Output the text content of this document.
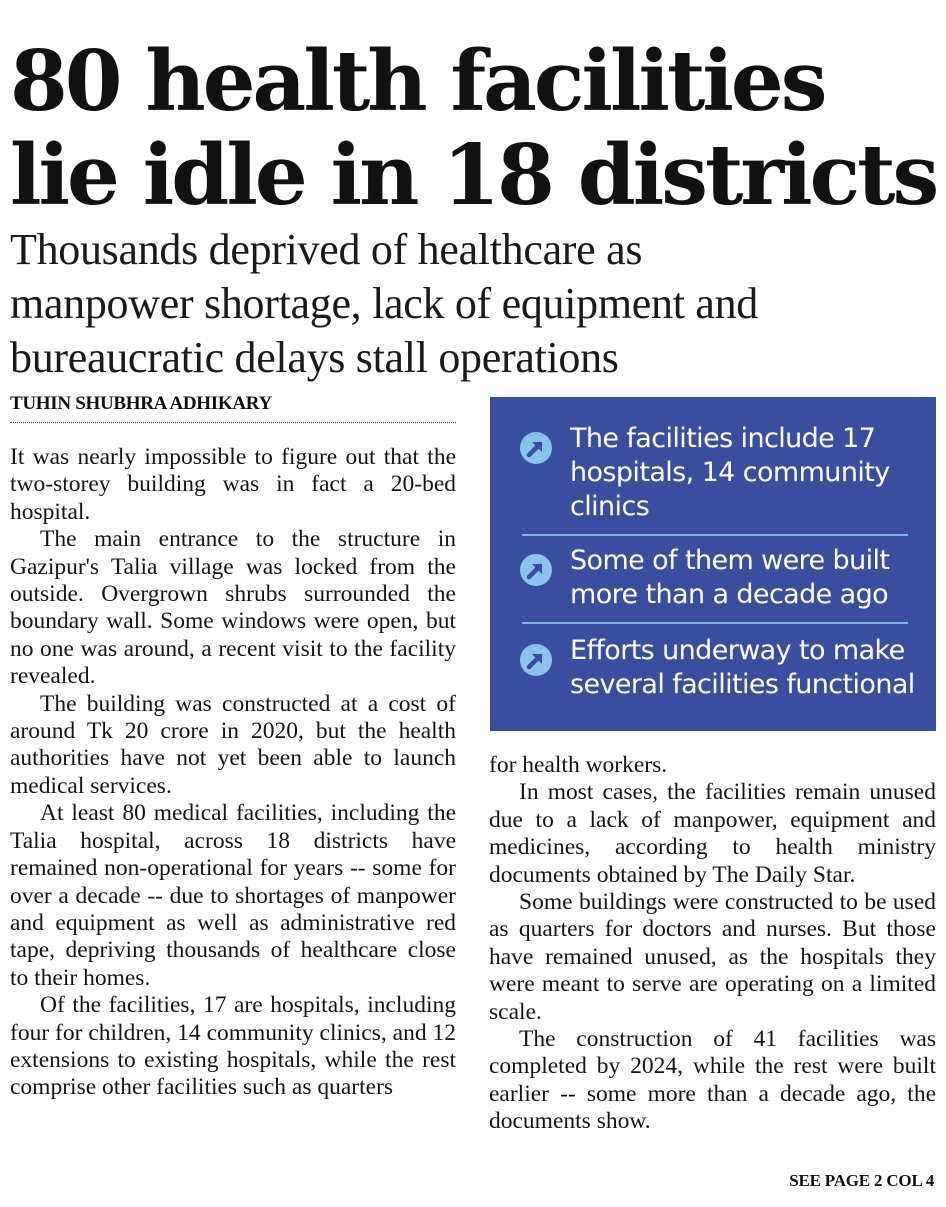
80 health facilities
lie idle in 18 districts
Thousands deprived of healthcare as
manpower shortage, lack of equipment and
bureaucratic delays stall operations
TUHIN SHUBHRA ADHIKARY

It was nearly impossible to figure out that the two-storey building was in fact a 20-bed hospital.

The main entrance to the structure in Gazipur's Talia village was locked from the outside. Overgrown shrubs surrounded the boundary wall. Some windows were open, but no one was around, a recent visit to the facility revealed.

The building was constructed at a cost of around Tk 20 crore in 2020, but the health authorities have not yet been able to launch medical services.

At least 80 medical facilities, including the Talia hospital, across 18 districts have remained non-operational for years -- some for over a decade -- due to shortages of manpower and equipment as well as administrative red tape, depriving thousands of healthcare close to their homes.

Of the facilities, 17 are hospitals, including four for children, 14 community clinics, and 12 extensions to existing hospitals, while the rest comprise other facilities such as quarters

The facilities include 17
hospitals, 14 community
clinics
Some of them were built
more than a decade ago
Efforts underway to make
several facilities functional

for health workers.

In most cases, the facilities remain unused due to a lack of manpower, equipment and medicines, according to health ministry documents obtained by The Daily Star.

Some buildings were constructed to be used as quarters for doctors and nurses. But those have remained unused, as the hospitals they were meant to serve are operating on a limited scale.

The construction of 41 facilities was completed by 2024, while the rest were built earlier -- some more than a decade ago, the documents show.

SEE PAGE 2 COL 4
